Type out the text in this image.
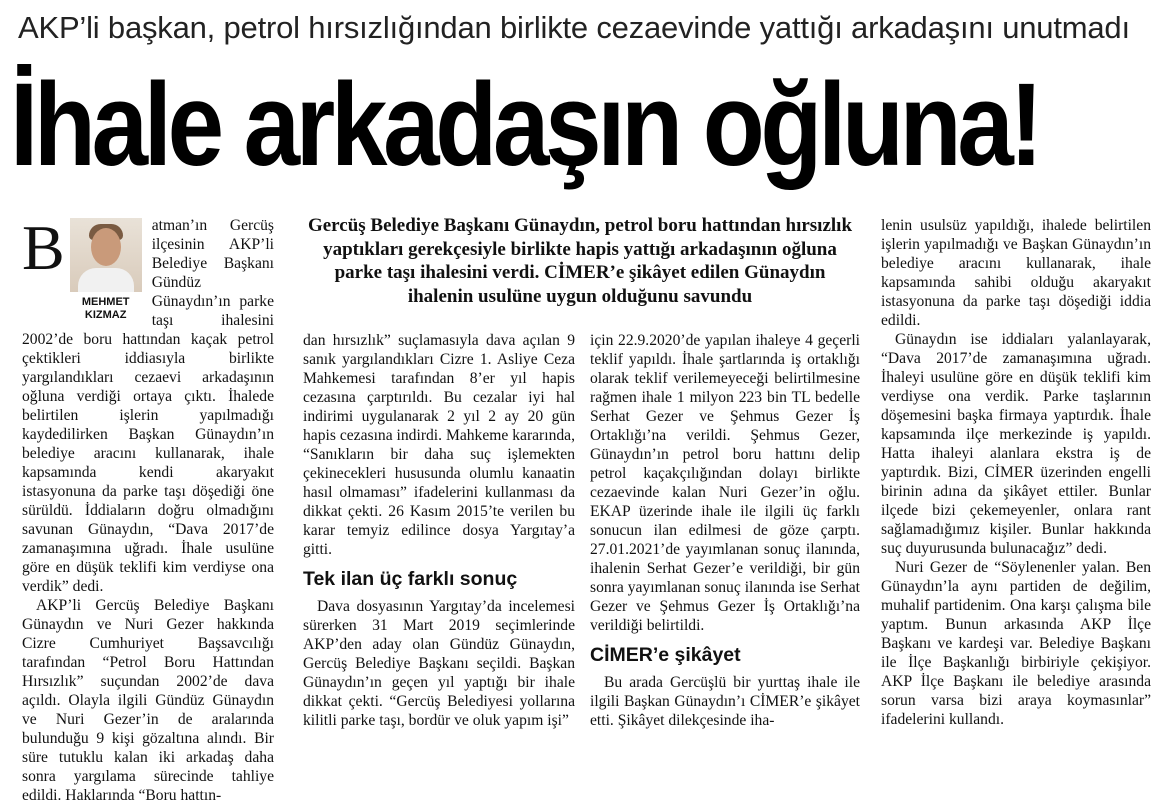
AKP’li başkan, petrol hırsızlığından birlikte cezaevinde yattığı arkadaşını unutmadı
İhale arkadaşın oğluna!
B

MEHMET
KIZMAZ
atman’ın Gercüş ilçesinin AKP’li Belediye Başkanı Gündüz Günaydın’ın parke taşı ihalesini 2002’de boru hattından kaçak petrol çektikleri iddiasıyla birlikte yargılandıkları cezaevi arkadaşının oğluna verdiği ortaya çıktı. İhalede belirtilen işlerin yapılmadığı kaydedilirken Başkan Günaydın’ın belediye aracını kullanarak, ihale kapsamında kendi akaryakıt istasyonuna da parke taşı döşediği öne sürüldü. İddiaların doğru olmadığını savunan Günaydın, “Dava 2017’de zamanaşımına uğradı. İhale usulüne göre en düşük teklifi kim verdiyse ona verdik” dedi.

AKP’li Gercüş Belediye Başkanı Günaydın ve Nuri Gezer hakkında Cizre Cumhuriyet Başsavcılığı tarafından “Petrol Boru Hattından Hırsızlık” suçundan 2002’de dava açıldı. Olayla ilgili Gündüz Günaydın ve Nuri Gezer’in de aralarında bulunduğu 9 kişi gözaltına alındı. Bir süre tutuklu kalan iki arkadaş daha sonra yargılama sürecinde tahliye edildi. Haklarında “Boru hattın-

Gercüş Belediye Başkanı Günaydın, petrol boru hattından hırsızlık yaptıkları gerekçesiyle birlikte hapis yattığı arkadaşının oğluna parke taşı ihalesini verdi. CİMER’e şikâyet edilen Günaydın ihalenin usulüne uygun olduğunu savundu

dan hırsızlık” suçlamasıyla dava açılan 9 sanık yargılandıkları Cizre 1. Asliye Ceza Mahkemesi tarafından 8’er yıl hapis cezasına çarptırıldı. Bu cezalar iyi hal indirimi uygulanarak 2 yıl 2 ay 20 gün hapis cezasına indirdi. Mahkeme kararında, “Sanıkların bir daha suç işlemekten çekinecekleri hususunda olumlu kanaatin hasıl olmaması” ifadelerini kullanması da dikkat çekti. 26 Kasım 2015’te verilen bu karar temyiz edilince dosya Yargıtay’a gitti.

Tek ilan üç farklı sonuç

Dava dosyasının Yargıtay’da incelemesi sürerken 31 Mart 2019 seçimlerinde AKP’den aday olan Gündüz Günaydın, Gercüş Belediye Başkanı seçildi. Başkan Günaydın’ın geçen yıl yaptığı bir ihale dikkat çekti. “Gercüş Belediyesi yollarına kilitli parke taşı, bordür ve oluk yapım işi”

için 22.9.2020’de yapılan ihaleye 4 geçerli teklif yapıldı. İhale şartlarında iş ortaklığı olarak teklif verilemeyeceği belirtilmesine rağmen ihale 1 milyon 223 bin TL bedelle Serhat Gezer ve Şehmus Gezer İş Ortaklığı’na verildi. Şehmus Gezer, Günaydın’ın petrol boru hattını delip petrol kaçakçılığından dolayı birlikte cezaevinde kalan Nuri Gezer’in oğlu. EKAP üzerinde ihale ile ilgili üç farklı sonucun ilan edilmesi de göze çarptı. 27.01.2021’de yayımlanan sonuç ilanında, ihalenin Serhat Gezer’e verildiği, bir gün sonra yayımlanan sonuç ilanında ise Serhat Gezer ve Şehmus Gezer İş Ortaklığı’na verildiği belirtildi.

CİMER’e şikâyet

Bu arada Gercüşlü bir yurttaş ihale ile ilgili Başkan Günaydın’ı CİMER’e şikâyet etti. Şikâyet dilekçesinde iha-

lenin usulsüz yapıldığı, ihalede belirtilen işlerin yapılmadığı ve Başkan Günaydın’ın belediye aracını kullanarak, ihale kapsamında sahibi olduğu akaryakıt istasyonuna da parke taşı döşediği iddia edildi.

Günaydın ise iddiaları yalanlayarak, “Dava 2017’de zamanaşımına uğradı. İhaleyi usulüne göre en düşük teklifi kim verdiyse ona verdik. Parke taşlarının döşemesini başka firmaya yaptırdık. İhale kapsamında ilçe merkezinde iş yapıldı. Hatta ihaleyi alanlara ekstra iş de yaptırdık. Bizi, CİMER üzerinden engelli birinin adına da şikâyet ettiler. Bunlar ilçede bizi çekemeyenler, onlara rant sağlamadığımız kişiler. Bunlar hakkında suç duyurusunda bulunacağız” dedi.

Nuri Gezer de “Söylenenler yalan. Ben Günaydın’la aynı partiden de değilim, muhalif partidenim. Ona karşı çalışma bile yaptım. Bunun arkasında AKP İlçe Başkanı ve kardeşi var. Belediye Başkanı ile İlçe Başkanlığı birbiriyle çekişiyor. AKP İlçe Başkanı ile belediye arasında sorun varsa bizi araya koymasınlar” ifadelerini kullandı.
